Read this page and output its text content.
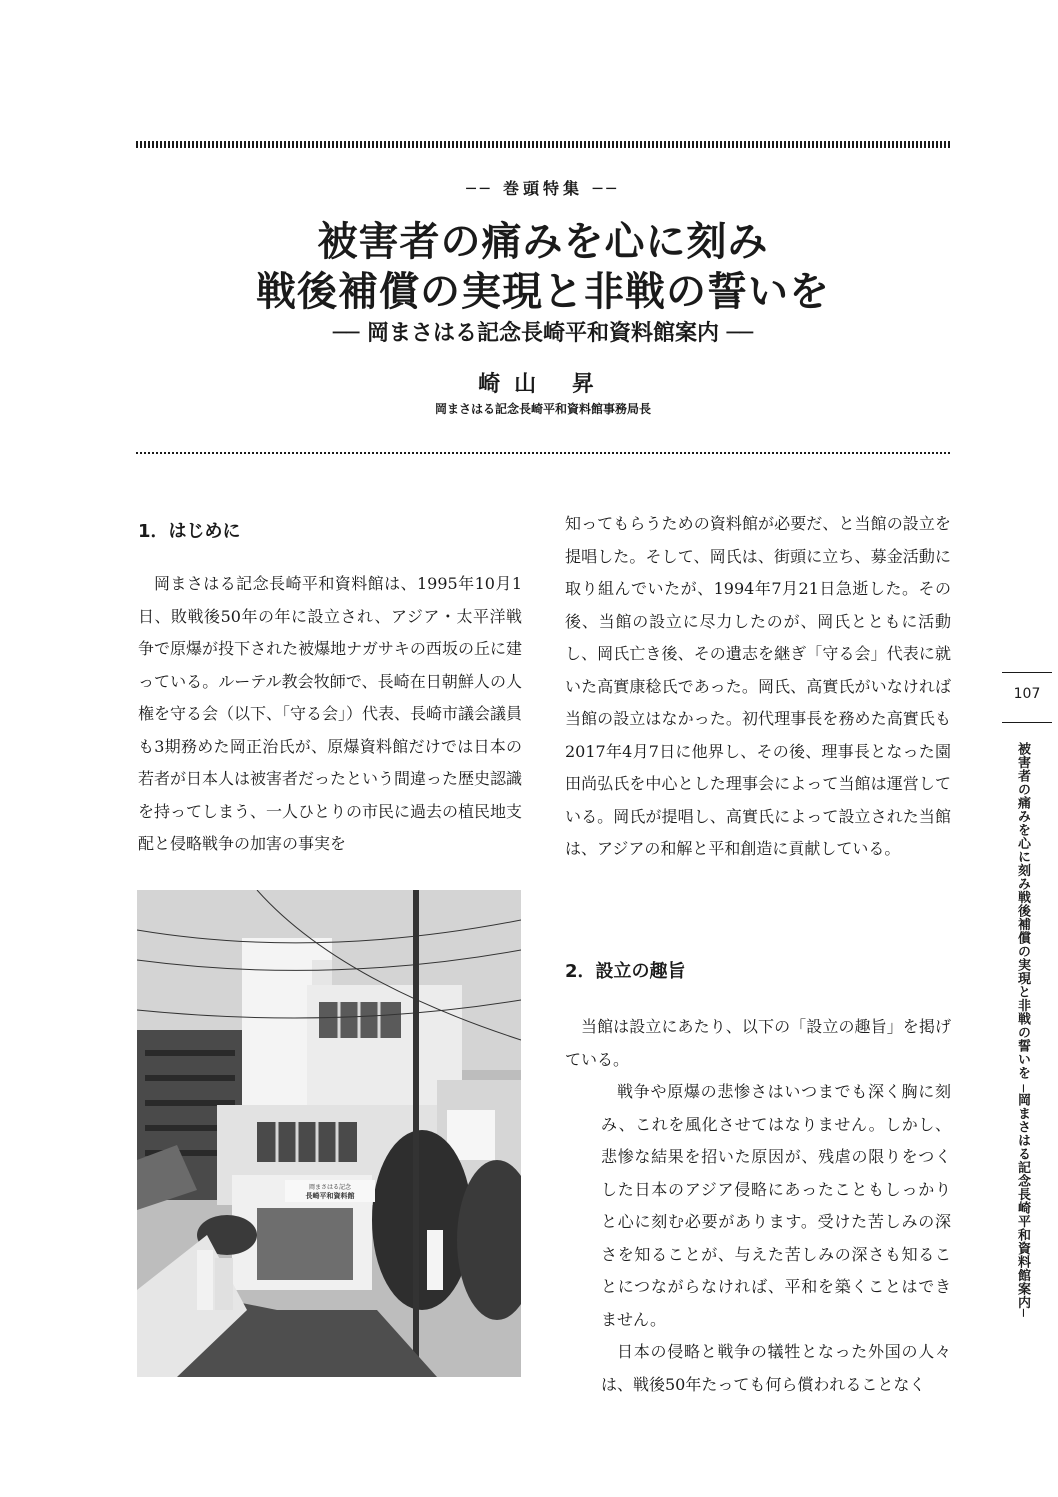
── 巻頭特集 ──
被害者の痛みを心に刻み
戦後補償の実現と非戦の誓いを
── 岡まさはる記念長崎平和資料館案内 ──
崎山 昇
岡まさはる記念長崎平和資料館事務局長
1．はじめに

岡まさはる記念長崎平和資料館は、1995年10月1日、敗戦後50年の年に設立され、アジア・太平洋戦争で原爆が投下された被爆地ナガサキの西坂の丘に建っている。ルーテル教会牧師で、長崎在日朝鮮人の人権を守る会（以下、「守る会」）代表、長崎市議会議員も3期務めた岡正治氏が、原爆資料館だけでは日本の若者が日本人は被害者だったという間違った歴史認識を持ってしまう、一人ひとりの市民に過去の植民地支配と侵略戦争の加害の事実を

岡まさはる記念
長崎平和資料館

知ってもらうための資料館が必要だ、と当館の設立を提唱した。そして、岡氏は、街頭に立ち、募金活動に取り組んでいたが、1994年7月21日急逝した。その後、当館の設立に尽力したのが、岡氏とともに活動し、岡氏亡き後、その遺志を継ぎ「守る会」代表に就いた高實康稔氏であった。岡氏、高實氏がいなければ当館の設立はなかった。初代理事長を務めた高實氏も2017年4月7日に他界し、その後、理事長となった園田尚弘氏を中心とした理事会によって当館は運営している。岡氏が提唱し、高實氏によって設立された当館は、アジアの和解と平和創造に貢献している。

2．設立の趣旨

当館は設立にあたり、以下の「設立の趣旨」を掲げている。

戦争や原爆の悲惨さはいつまでも深く胸に刻み、これを風化させてはなりません。しかし、悲惨な結果を招いた原因が、残虐の限りをつくした日本のアジア侵略にあったこともしっかりと心に刻む必要があります。受けた苦しみの深さを知ることが、与えた苦しみの深さも知ることにつながらなければ、平和を築くことはできません。

日本の侵略と戦争の犠牲となった外国の人々は、戦後50年たっても何ら償われることなく

107
被害者の痛みを心に刻み戦後補償の実現と非戦の誓いを ─岡まさはる記念長崎平和資料館案内─
